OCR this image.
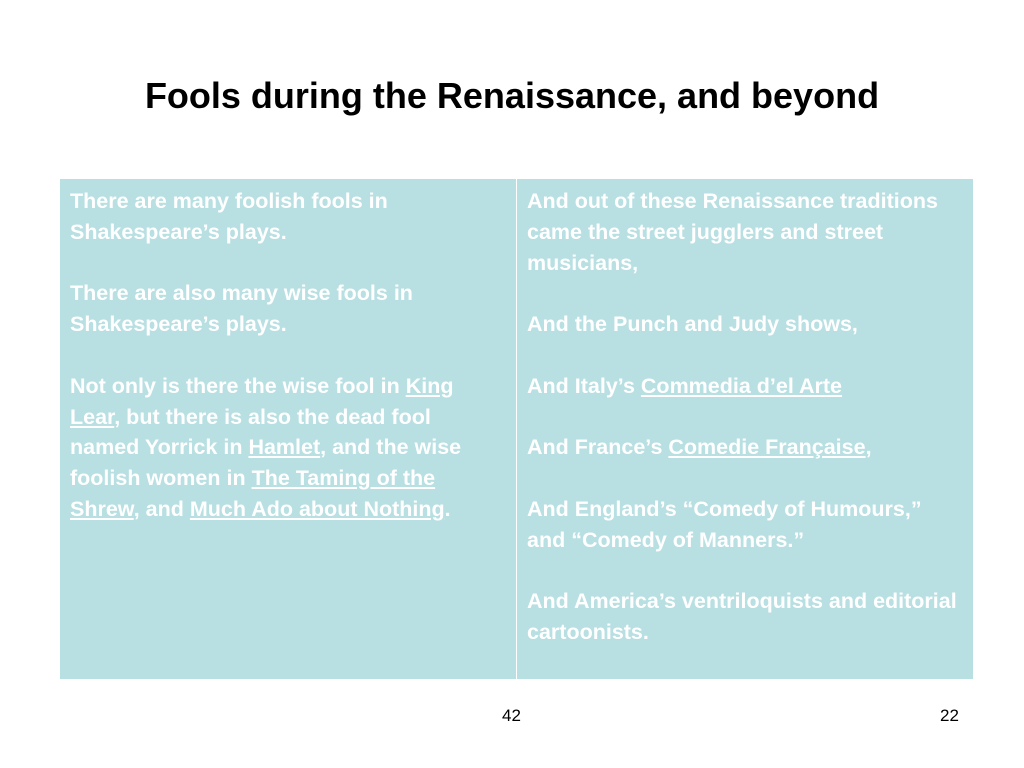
Fools during the Renaissance, and beyond

There are many foolish fools in Shakespeare’s plays.

There are also many wise fools in Shakespeare’s plays.

Not only is there the wise fool in King Lear, but there is also the dead fool named Yorrick in Hamlet, and the wise foolish women in The Taming of the Shrew, and Much Ado about Nothing.

And out of these Renaissance traditions came the street jugglers and street musicians,

And the Punch and Judy shows,

And Italy’s Commedia d’el Arte

And France’s Comedie Française,

And England’s “Comedy of Humours,” and “Comedy of Manners.”

And America’s ventriloquists and editorial cartoonists.

42	22
